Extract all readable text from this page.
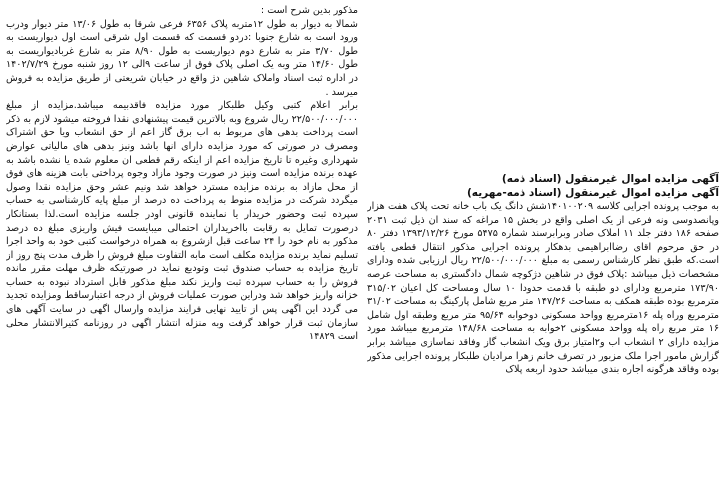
آگهی مزایده اموال غیرمنقول (اسناد ذمه)

آگهی مزایده اموال غیرمنقول (اسناد ذمه-مهریه)

به موجب پرونده اجرایی کلاسه ۱۴۰۱۰۰۲۰۹شش دانگ یک باب خانه تحت پلاک هفت هزار وپانصدوسی ونه فرعی از یک اصلی واقع در بخش ۱۵ مراغه که سند ان ذیل ثبت ۲۰۳۱ صفحه ۱۸۶ دفتر جلد ۱۱ املاک صادر وبرابرسند شماره ۵۴۷۵ مورخ ۱۳۹۳/۱۲/۲۶ دفتر ۸۰ در حق مرحوم اقای رضاابراهیمی بدهکار پرونده اجرایی مذکور انتقال قطعی یافته است.که طبق نظر کارشناس رسمی به مبلغ ۲۲/۵۰۰/۰۰۰/۰۰۰ ریال ارزیابی شده ودارای مشخصات ذیل میباشد :پلاک فوق در شاهین دژکوچه شمال دادگستری به مساحت عرصه ۱۷۳/۹۰ مترمربع ودارای دو طبقه با قدمت حدودا ۱۰ سال ومساحت کل اعیان ۳۱۵/۰۲ مترمربع بوده طبقه همکف به مساحت ۱۴۷/۲۶ متر مربع شامل پارکینگ به مساحت ۳۱/۰۲ مترمربع وراه پله ۱۶مترمربع وواحد مسکونی دوخوابه ۹۵/۶۴ متر مربع وطبقه اول شامل ۱۶ متر مربع راه پله وواحد مسکونی ۲خوابه به مساحت ۱۴۸/۶۸ مترمربع میباشد مورد مزایده دارای ۲ انشعاب اب و۲امتیاز برق ویک انشعاب گاز وفاقد نماسازی میباشد برابر گزارش مامور اجرا ملک مزبور در تصرف خانم زهرا مرادیان طلبکار پرونده اجرایی مذکور بوده وفاقد هرگونه اجاره بندی میباشد حدود اربعه پلاک

مذکور بدین شرح است :

شمالا به دیوار به طول ۱۲متربه پلاک ۶۳۵۶ فرعی شرقا به طول ۱۳/۰۶ متر دیوار ودرب ورود است به شارع جنوبا :دردو قسمت که قسمت اول شرقی است اول دیواریست به طول ۳/۷۰ متر به شارع دوم دیواریست به طول ۸/۹۰ متر به شارع غربادیواریست به طول ۱۴/۶۰ متر وبه یک اصلی پلاک فوق از ساعت ۹الی ۱۲ روز شنبه مورخ ۱۴۰۲/۷/۲۹ در اداره ثبت اسناد واملاک شاهین دژ واقع در خیابان شریعتی از طریق مزایده به فروش میرسد .

برابر اعلام کتبی وکیل طلبکار مورد مزایده فاقدبیمه میباشد.مزایده از مبلغ ۲۲/۵۰۰/۰۰۰/۰۰۰ ریال شروع وبه بالاترین قیمت پیشنهادی نقدا فروخته میشود لازم به ذکر است پرداخت بدهی های مربوط به اب برق گاز اعم از حق انشعاب ویا حق اشتراک ومصرف در صورتی که مورد مزایده دارای انها باشد ونیز بدهی های مالیاتی عوارض شهرداری وغیره تا تاریخ مزایده اعم از اینکه رقم قطعی ان معلوم شده یا نشده باشد به عهده برنده مزایده است ونیز در صورت وجود مازاد وجوه پرداختی بابت هزینه های فوق از محل مازاد به برنده مزایده مسترد خواهد شد ونیم عشر وحق مزایده نقدا وصول میگردد شرکت در مزایده منوط به پرداخت ده درصد از مبلغ پایه کارشناسی به حساب سپرده ثبت وحضور خریدار یا نماینده قانونی اودر جلسه مزایده است.لذا بستانکار درصورت تمایل به رقابت بااخریداران احتمالی میبایست فیش واریزی مبلغ ده درصد مذکور به نام خود را ۲۴ ساعت قبل ازشروع به همراه درخواست کتبی خود به واحد اجرا تسلیم نماید برنده مزایده مکلف است مابه التفاوت مبلغ فروش را ظرف مدت پنج روز از تاریخ مزایده به حساب صندوق ثبت وتودیع نماید در صورتیکه ظرف مهلت مقرر مانده فروش را به حساب سپرده ثبت واریز نکند مبلغ مذکور قابل استرداد نبوده به حساب خزانه واریز خواهد شد ودراین صورت عملیات فروش از درجه اعتبارساقط ومزایده تجدید می گردد این اگهی پس از تایید نهایی فرایند مزایده وارسال اگهی در سایت آگهی های سازمان ثبت قرار خواهد گرفت وبه منزله انتشار اگهی در روزنامه کثیرالانتشار محلی است ۱۴۸۲۹
